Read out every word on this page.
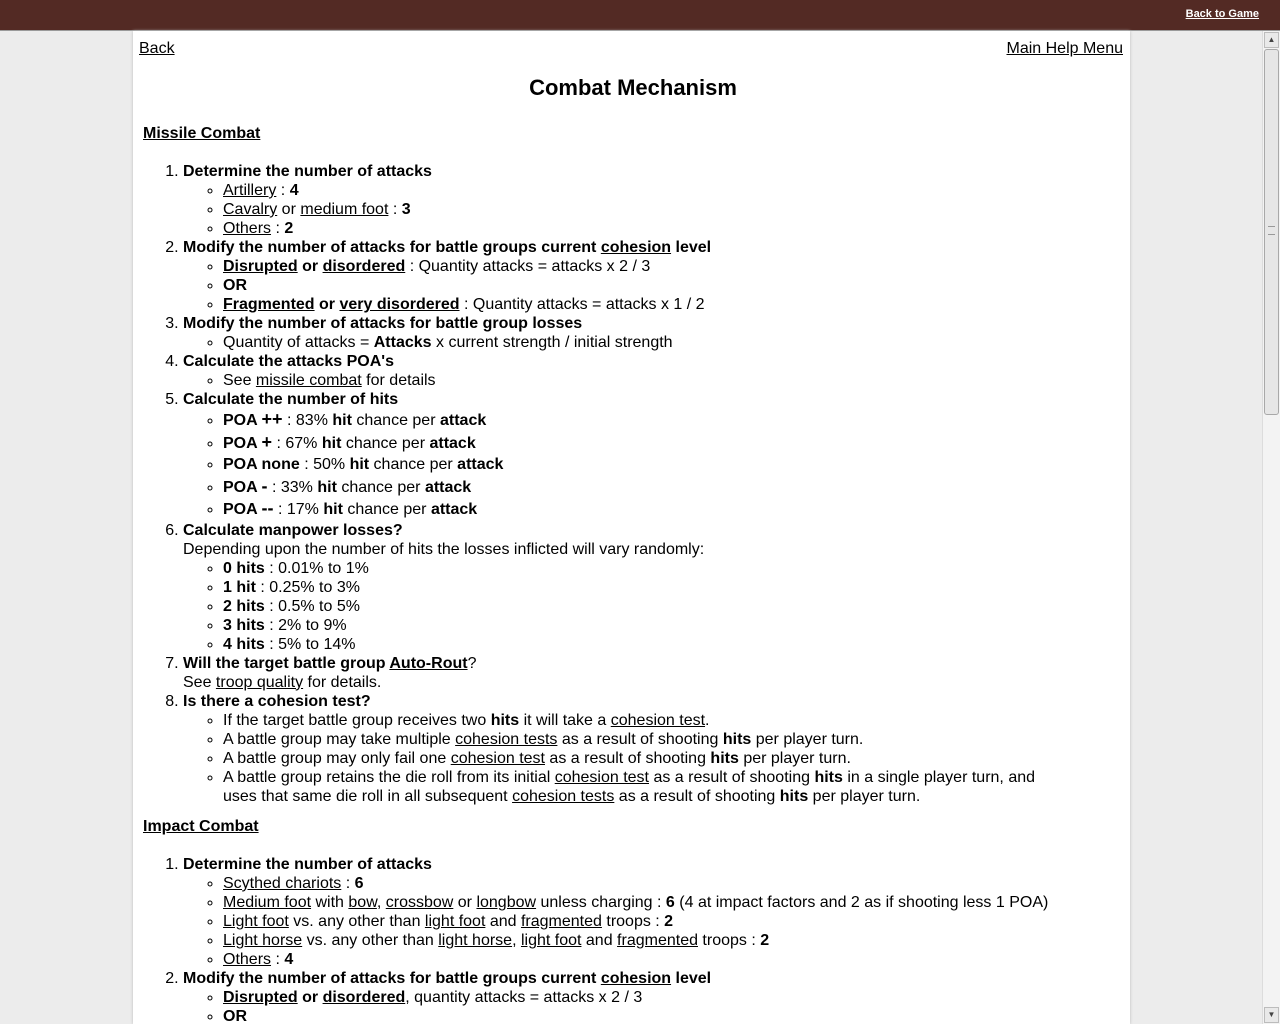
Back to Game
Back	Main Help Menu
Combat Mechanism

Missile Combat

1. Determine the number of attacks
◦ Artillery : 4
◦ Cavalry or medium foot : 3
◦ Others : 2
2. Modify the number of attacks for battle groups current cohesion level
◦ Disrupted or disordered : Quantity attacks = attacks x 2 / 3
◦ OR
◦ Fragmented or very disordered : Quantity attacks = attacks x 1 / 2
3. Modify the number of attacks for battle group losses
◦ Quantity of attacks = Attacks x current strength / initial strength
4. Calculate the attacks POA's
◦ See missile combat for details
5. Calculate the number of hits
◦ POA ++ : 83% hit chance per attack
◦ POA + : 67% hit chance per attack
◦ POA none : 50% hit chance per attack
◦ POA - : 33% hit chance per attack
◦ POA -- : 17% hit chance per attack
6. Calculate manpower losses?
Depending upon the number of hits the losses inflicted will vary randomly:
◦ 0 hits : 0.01% to 1%
◦ 1 hit : 0.25% to 3%
◦ 2 hits : 0.5% to 5%
◦ 3 hits : 2% to 9%
◦ 4 hits : 5% to 14%
7. Will the target battle group Auto-Rout?
See troop quality for details.
8. Is there a cohesion test?
◦ If the target battle group receives two hits it will take a cohesion test.
◦ A battle group may take multiple cohesion tests as a result of shooting hits per player turn.
◦ A battle group may only fail one cohesion test as a result of shooting hits per player turn.
◦ A battle group retains the die roll from its initial cohesion test as a result of shooting hits in a single player turn, and uses that same die roll in all subsequent cohesion tests as a result of shooting hits per player turn.

Impact Combat

1. Determine the number of attacks
◦ Scythed chariots : 6
◦ Medium foot with bow, crossbow or longbow unless charging : 6 (4 at impact factors and 2 as if shooting less 1 POA)
◦ Light foot vs. any other than light foot and fragmented troops : 2
◦ Light horse vs. any other than light horse, light foot and fragmented troops : 2
◦ Others : 4
2. Modify the number of attacks for battle groups current cohesion level
◦ Disrupted or disordered, quantity attacks = attacks x 2 / 3
◦ OR
▲
▼
